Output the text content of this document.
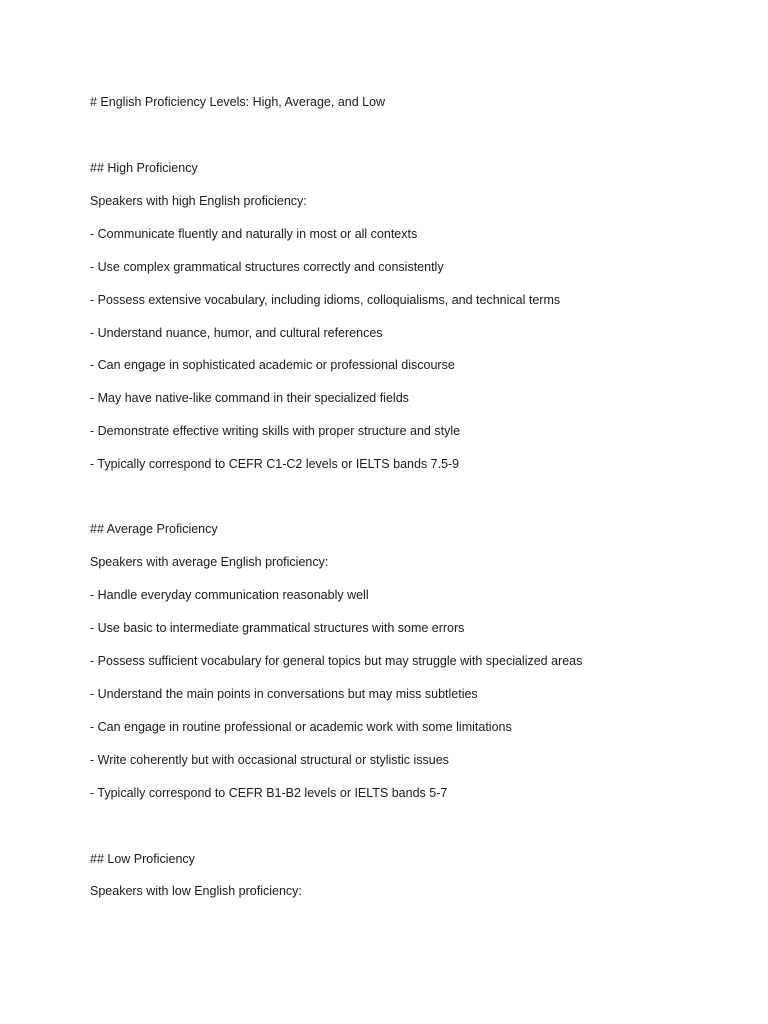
# English Proficiency Levels: High, Average, and Low
## High Proficiency
Speakers with high English proficiency:
- Communicate fluently and naturally in most or all contexts
- Use complex grammatical structures correctly and consistently
- Possess extensive vocabulary, including idioms, colloquialisms, and technical terms
- Understand nuance, humor, and cultural references
- Can engage in sophisticated academic or professional discourse
- May have native-like command in their specialized fields
- Demonstrate effective writing skills with proper structure and style
- Typically correspond to CEFR C1-C2 levels or IELTS bands 7.5-9
## Average Proficiency
Speakers with average English proficiency:
- Handle everyday communication reasonably well
- Use basic to intermediate grammatical structures with some errors
- Possess sufficient vocabulary for general topics but may struggle with specialized areas
- Understand the main points in conversations but may miss subtleties
- Can engage in routine professional or academic work with some limitations
- Write coherently but with occasional structural or stylistic issues
- Typically correspond to CEFR B1-B2 levels or IELTS bands 5-7
## Low Proficiency
Speakers with low English proficiency:
